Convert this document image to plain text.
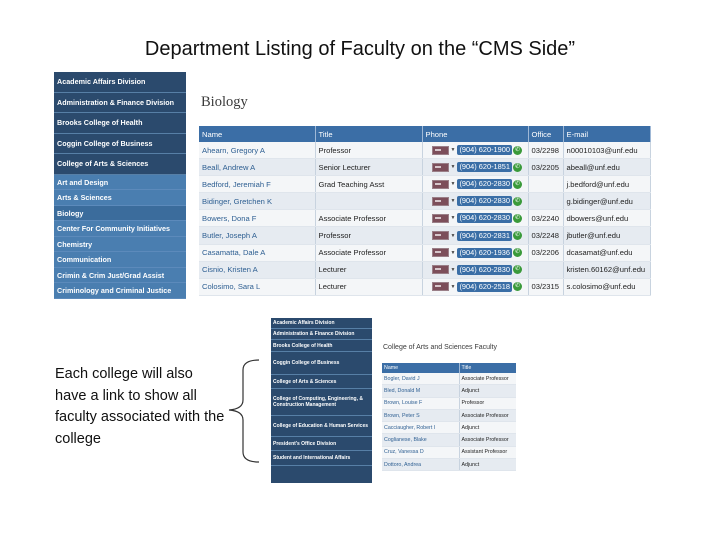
Department Listing of Faculty on the “CMS Side”
Academic Affairs Division
Administration & Finance Division
Brooks College of Health
Coggin College of Business
College of Arts & Sciences
Art and Design
Arts & Sciences
Biology
Center For Community Initiatives
Chemistry
Communication
Crimin & Crim Just/Grad Assist
Criminology and Criminal Justice
Biology
Name	Title	Phone	Office	E-mail
Ahearn, Gregory A	Professor	▼ (904) 620-1900 ✆	03/2298	n00010103@unf.edu
Beall, Andrew A	Senior Lecturer	▼ (904) 620-1851 ✆	03/2205	abeall@unf.edu
Bedford, Jeremiah F	Grad Teaching Asst	▼ (904) 620-2830 ✆		j.bedford@unf.edu
Bidinger, Gretchen K		▼ (904) 620-2830 ✆		g.bidinger@unf.edu
Bowers, Dona F	Associate Professor	▼ (904) 620-2830 ✆	03/2240	dbowers@unf.edu
Butler, Joseph A	Professor	▼ (904) 620-2831 ✆	03/2248	jbutler@unf.edu
Casamatta, Dale A	Associate Professor	▼ (904) 620-1936 ✆	03/2206	dcasamat@unf.edu
Cisnio, Kristen A	Lecturer	▼ (904) 620-2830 ✆		kristen.60162@unf.edu
Colosimo, Sara L	Lecturer	▼ (904) 620-2518 ✆	03/2315	s.colosimo@unf.edu
Academic Affairs Division
Administration & Finance Division
Brooks College of Health
Coggin College of Business
College of Arts & Sciences
College of Computing, Engineering, & Construction Management
College of Education & Human Services
President's Office Division
Student and International Affairs
College of Arts and Sciences Faculty
Name	Title
Bogler, David J	Associate Professor
Bled, Donald M	Adjunct
Brown, Louise F	Professor
Brown, Peter S	Associate Professor
Cacciaugher, Robert I	Adjunct
Coglianese, Blake	Associate Professor
Cruz, Vanessa D	Assistant Professor
Dottoro, Andrea	Adjunct
Each college will also have a link to show all faculty associated with the college
